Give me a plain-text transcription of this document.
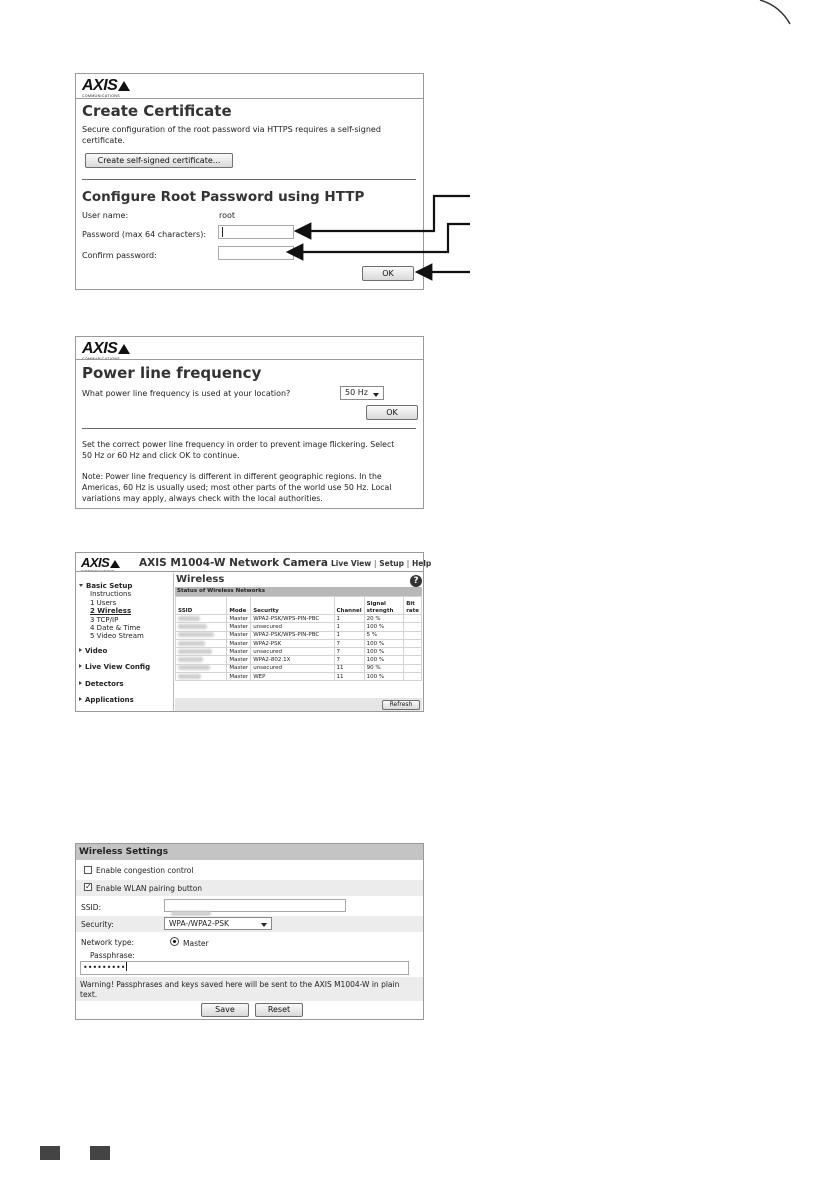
AXIS
COMMUNICATIONS
Create Certificate
Secure configuration of the root password via HTTPS requires a self-signed
certificate.
Create self-signed certificate...
Configure Root Password using HTTP
User name:	root
Password (max 64 characters):
Confirm password:
OK
AXIS
Power line frequency
What power line frequency is used at your location?	50 Hz
OK
Set the correct power line frequency in order to prevent image flickering. Select
50 Hz or 60 Hz and click OK to continue.
Note: Power line frequency is different in different geographic regions. In the
Americas, 60 Hz is usually used; most other parts of the world use 50 Hz. Local
variations may apply, always check with the local authorities.
AXIS	AXIS M1004-W Network Camera Live View | Setup | Help
Basic Setup
Instructions
1 Users
2 Wireless
3 TCP/IP
4 Date & Time
5 Video Stream
Video
Live View Config
Detectors
Applications
Wireless	?
Status of Wireless Networks
SSID	Mode	Security	Channel	Signal strength	Bit rate
	Master	WPA2-PSK/WPS-PIN-PBC	1	20 %	
	Master	unsecured	1	100 %	
	Master	WPA2-PSK/WPS-PIN-PBC	1	5 %	
	Master	WPA2-PSK	7	100 %	
	Master	unsecured	7	100 %	
	Master	WPA2-802.1X	7	100 %	
	Master	unsecured	11	90 %	
	Master	WEP	11	100 %	
Refresh
Wireless Settings
Enable congestion control
✓ Enable WLAN pairing button
SSID:
Security:	WPA-/WPA2-PSK
Network type:	Master
Passphrase:
•••••••••
Warning! Passphrases and keys saved here will be sent to the AXIS M1004-W in plain
text.
Save	Reset
